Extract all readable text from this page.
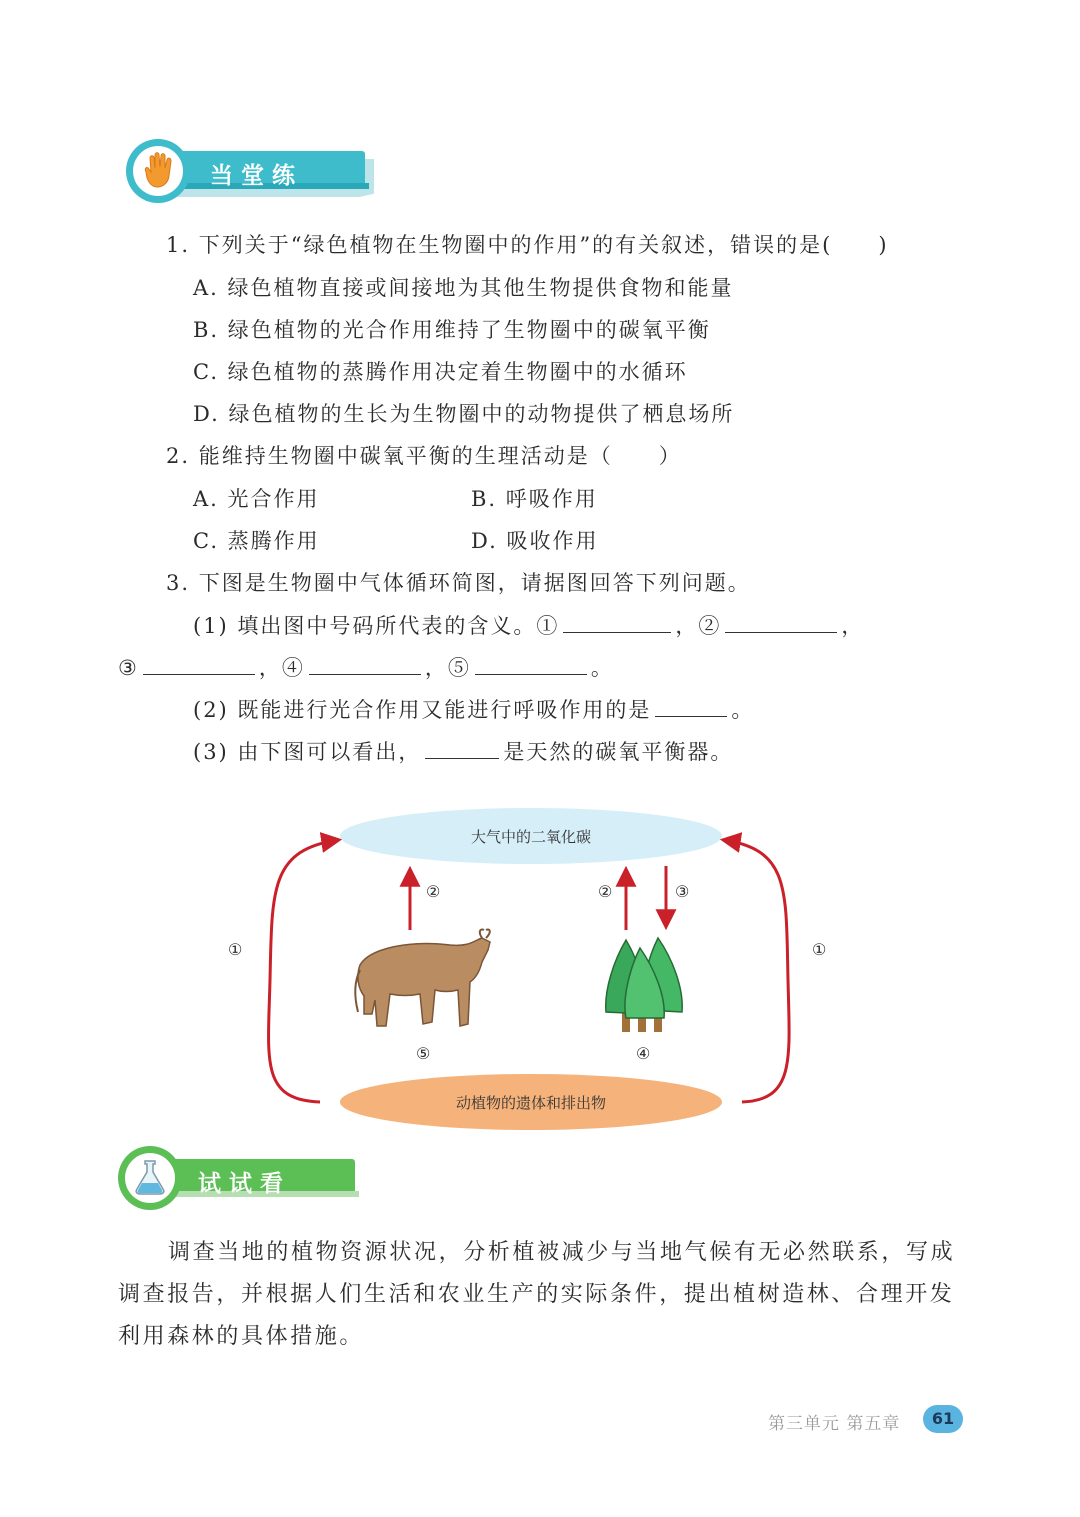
当堂练
1. 下列关于“绿色植物在生物圈中的作用”的有关叙述，错误的是(　　)
A. 绿色植物直接或间接地为其他生物提供食物和能量
B. 绿色植物的光合作用维持了生物圈中的碳氧平衡
C. 绿色植物的蒸腾作用决定着生物圈中的水循环
D. 绿色植物的生长为生物圈中的动物提供了栖息场所
2. 能维持生物圈中碳氧平衡的生理活动是（　　）
A. 光合作用	B. 呼吸作用
C. 蒸腾作用	D. 吸收作用
3. 下图是生物圈中气体循环简图，请据图回答下列问题。
(1) 填出图中号码所代表的含义。①	，②	，
③	，④	，⑤	。
(2) 既能进行光合作用又能进行呼吸作用的是	。
(3) 由下图可以看出，	是天然的碳氧平衡器。
大气中的二氧化碳
动植物的遗体和排出物
①	①
②	②	③
④
⑤
试试看
调查当地的植物资源状况，分析植被减少与当地气候有无必然联系，写成调查报告，并根据人们生活和农业生产的实际条件，提出植树造林、合理开发利用森林的具体措施。
第三单元 第五章	61
